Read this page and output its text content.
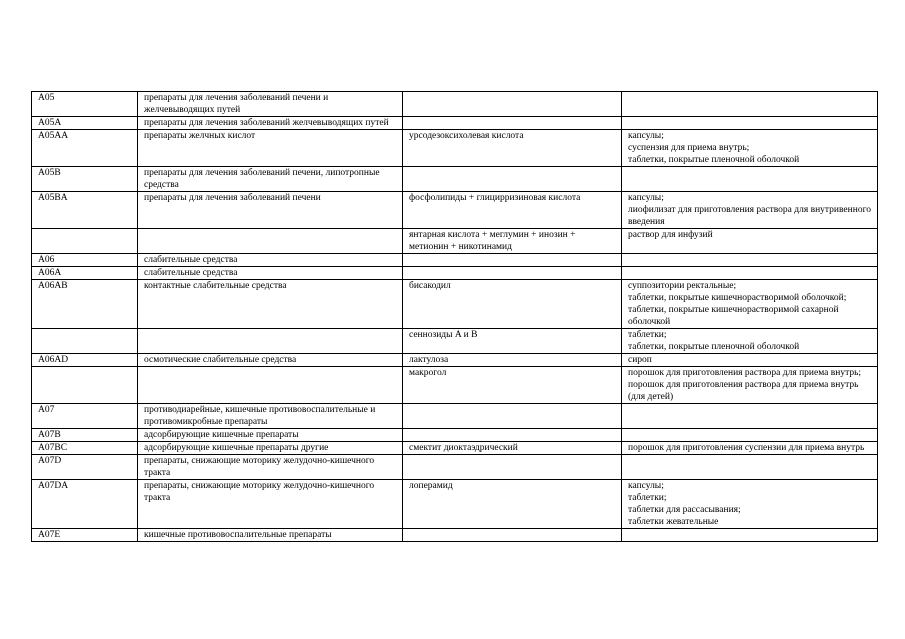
A05	препараты для лечения заболеваний печени и желчевыводящих путей		
A05A	препараты для лечения заболеваний желчевыводящих путей		
A05AA	препараты желчных кислот	урсодезоксихолевая кислота	капсулы;
суспензия для приема внутрь;
таблетки, покрытые пленочной оболочкой
A05B	препараты для лечения заболеваний печени, липотропные средства		
A05BA	препараты для лечения заболеваний печени	фосфолипиды + глицирризиновая кислота	капсулы;
лиофилизат для приготовления раствора для внутривенного введения
		янтарная кислота + меглумин + инозин + метионин + никотинамид	раствор для инфузий
A06	слабительные средства		
A06A	слабительные средства		
A06AB	контактные слабительные средства	бисакодил	суппозитории ректальные;
таблетки, покрытые кишечнорастворимой оболочкой;
таблетки, покрытые кишечнорастворимой сахарной оболочкой
		сеннозиды A и B	таблетки;
таблетки, покрытые пленочной оболочкой
A06AD	осмотические слабительные средства	лактулоза	сироп
		макрогол	порошок для приготовления раствора для приема внутрь;
порошок для приготовления раствора для приема внутрь (для детей)
A07	противодиарейные, кишечные противовоспалительные и противомикробные препараты		
A07B	адсорбирующие кишечные препараты		
A07BC	адсорбирующие кишечные препараты другие	смектит диоктаэдрический	порошок для приготовления суспензии для приема внутрь
A07D	препараты, снижающие моторику желудочно-кишечного тракта		
A07DA	препараты, снижающие моторику желудочно-кишечного тракта	лоперамид	капсулы;
таблетки;
таблетки для рассасывания;
таблетки жевательные
A07E	кишечные противовоспалительные препараты		
